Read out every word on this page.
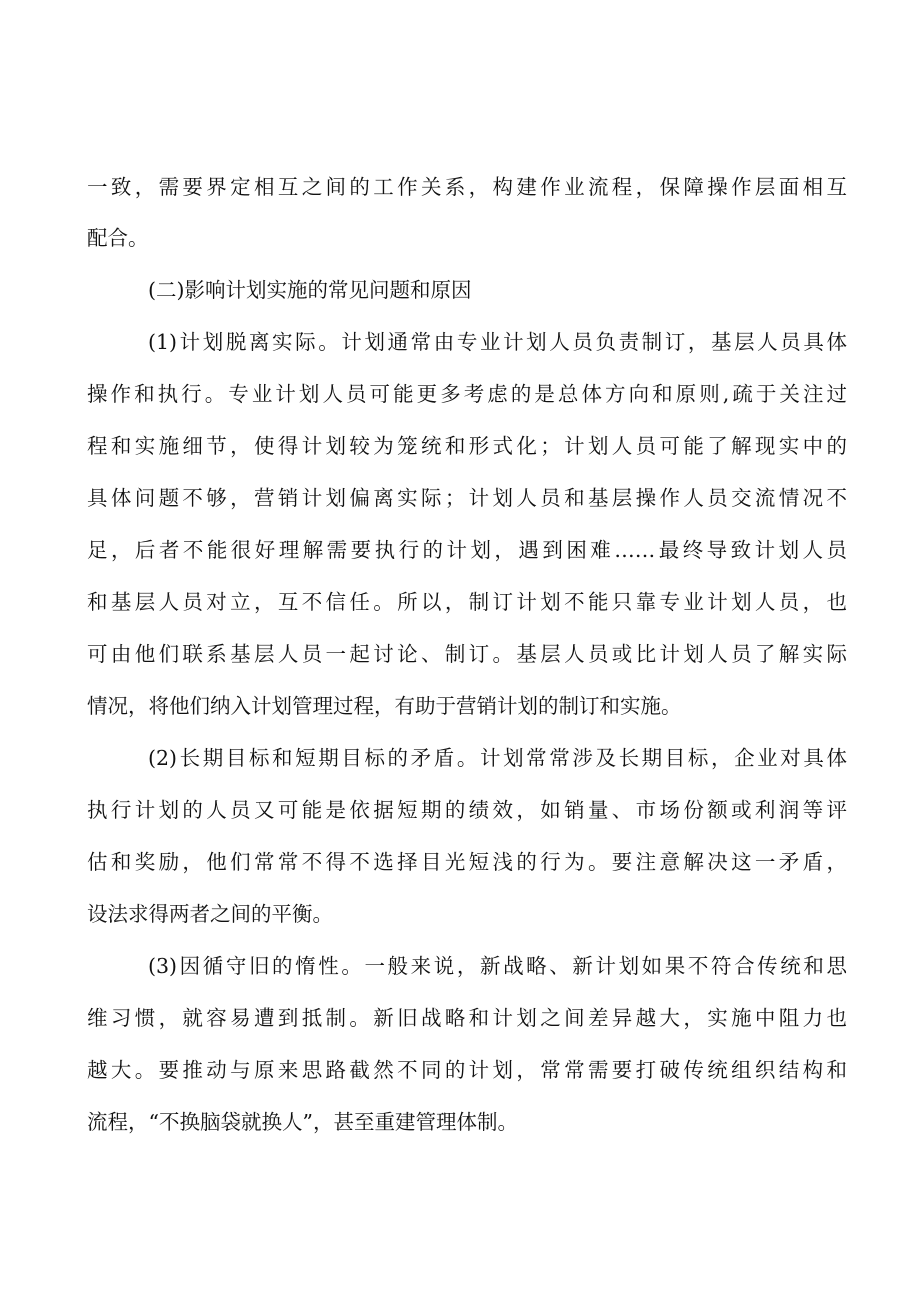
一致，需要界定相互之间的工作关系，构建作业流程，保障操作层面相互
配合。
(二)影响计划实施的常见问题和原因
(1)计划脱离实际。计划通常由专业计划人员负责制订，基层人员具体
操作和执行。专业计划人员可能更多考虑的是总体方向和原则,疏于关注过
程和实施细节，使得计划较为笼统和形式化；计划人员可能了解现实中的
具体问题不够，营销计划偏离实际；计划人员和基层操作人员交流情况不
足，后者不能很好理解需要执行的计划，遇到困难……最终导致计划人员
和基层人员对立，互不信任。所以，制订计划不能只靠专业计划人员，也
可由他们联系基层人员一起讨论、制订。基层人员或比计划人员了解实际
情况，将他们纳入计划管理过程，有助于营销计划的制订和实施。
(2)长期目标和短期目标的矛盾。计划常常涉及长期目标，企业对具体
执行计划的人员又可能是依据短期的绩效，如销量、市场份额或利润等评
估和奖励，他们常常不得不选择目光短浅的行为。要注意解决这一矛盾，
设法求得两者之间的平衡。
(3)因循守旧的惰性。一般来说，新战略、新计划如果不符合传统和思
维习惯，就容易遭到抵制。新旧战略和计划之间差异越大，实施中阻力也
越大。要推动与原来思路截然不同的计划，常常需要打破传统组织结构和
流程，“不换脑袋就换人”，甚至重建管理体制。
